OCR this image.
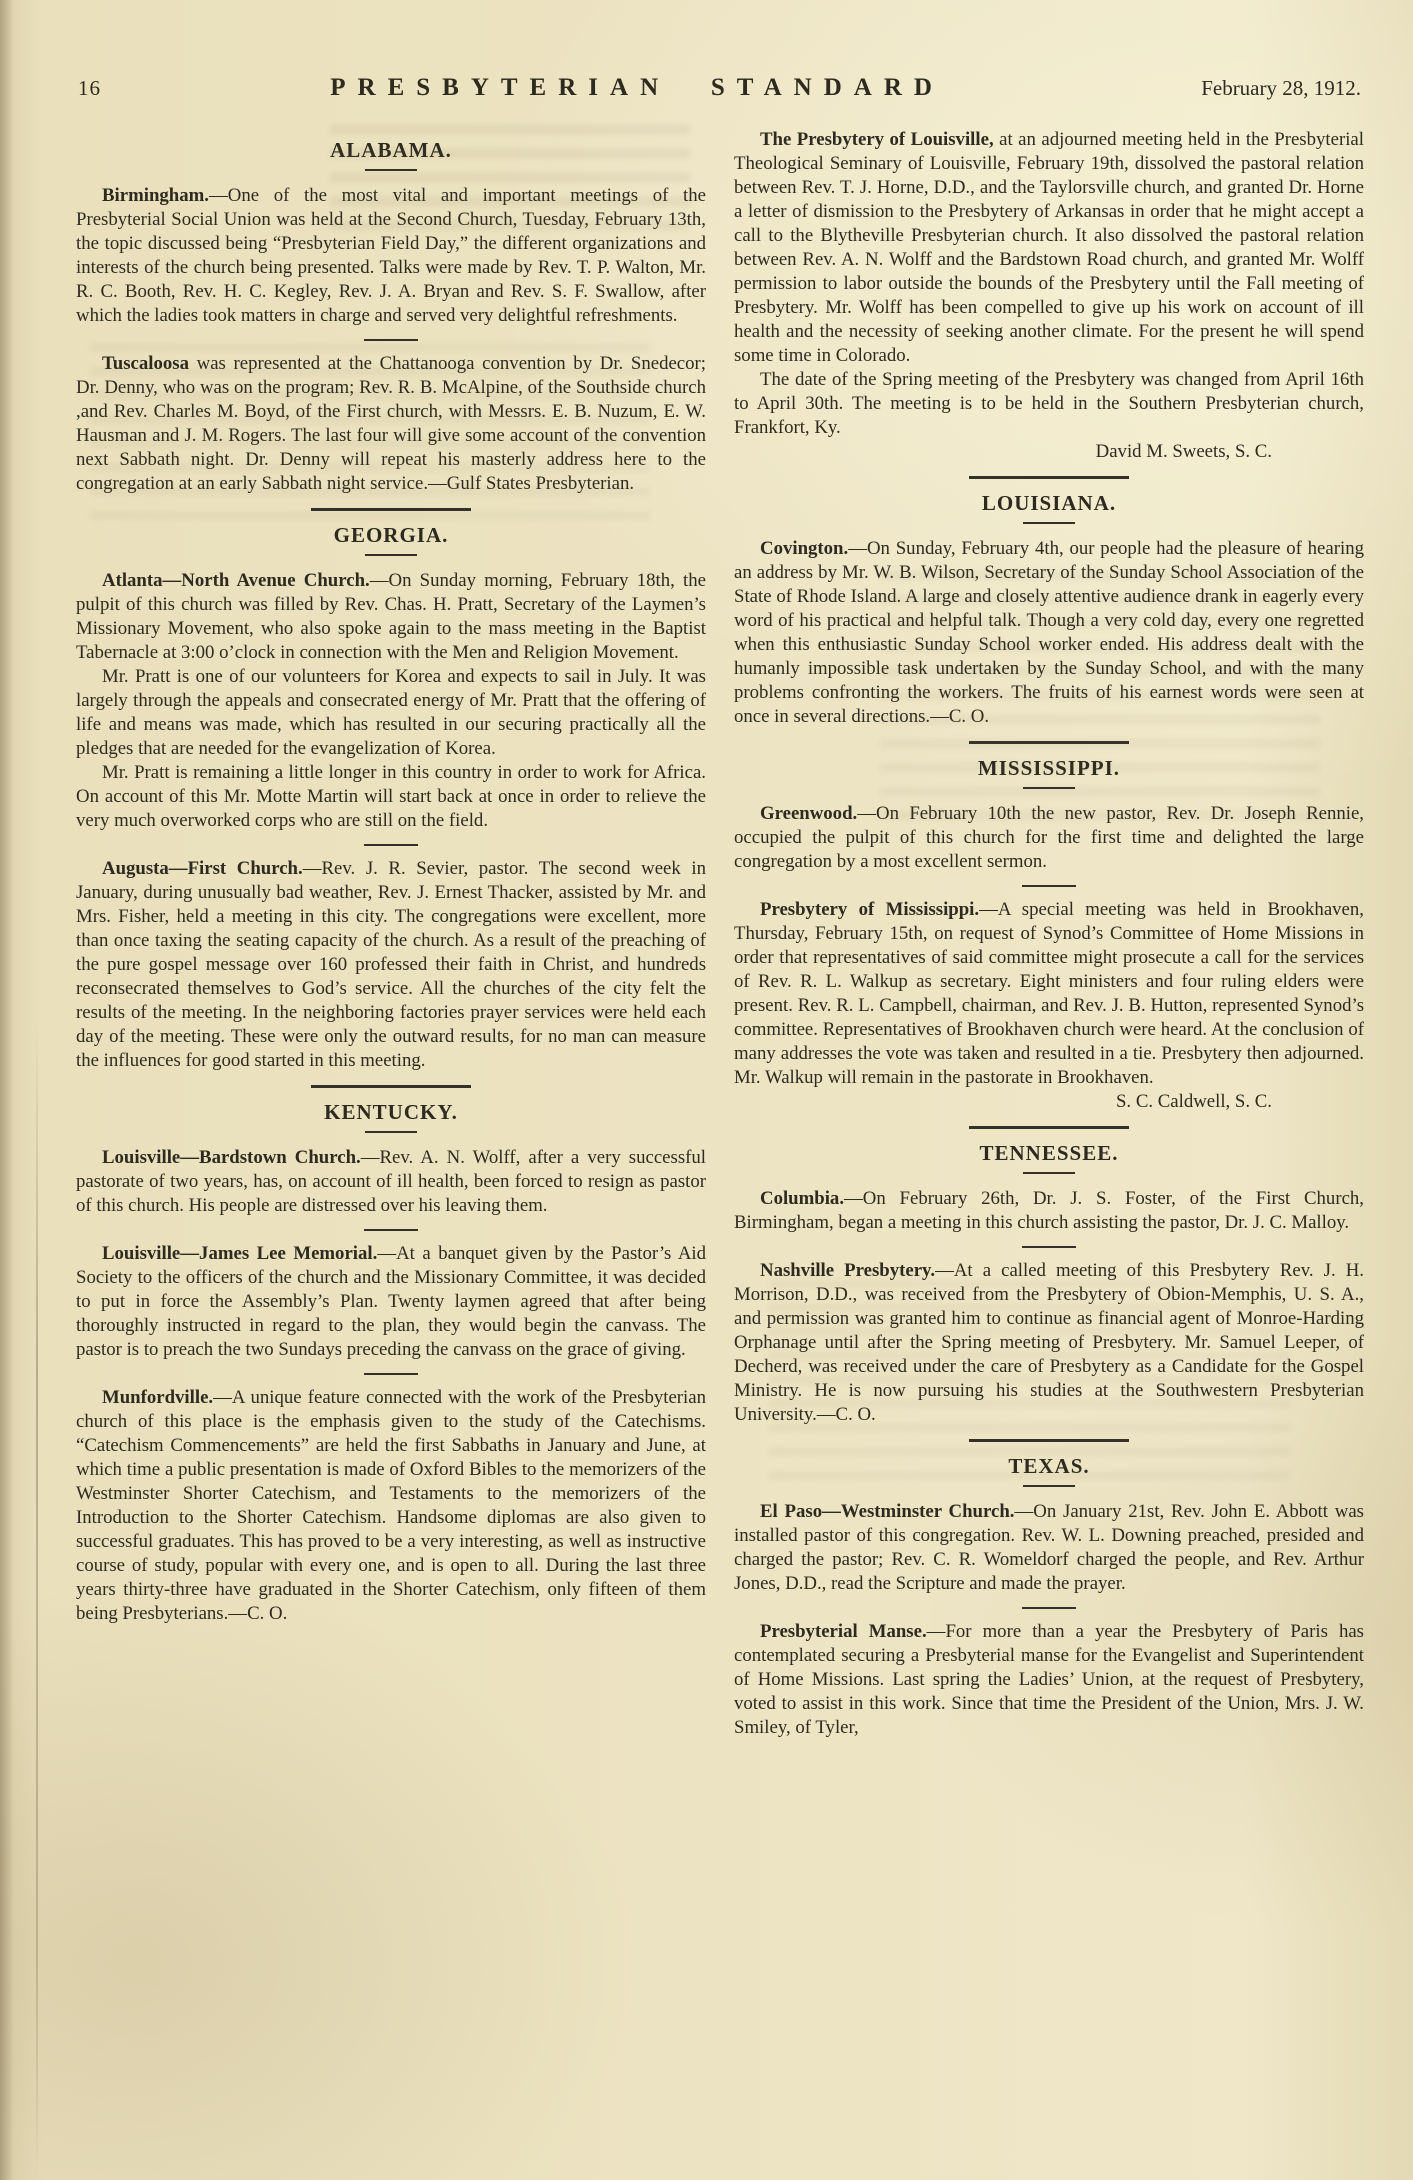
16	PRESBYTERIAN STANDARD	February 28, 1912.
ALABAMA.

Birmingham.—One of the most vital and important meetings of the Presbyterial Social Union was held at the Second Church, Tuesday, February 13th, the topic discussed being “Presbyterian Field Day,” the different organizations and interests of the church being presented. Talks were made by Rev. T. P. Walton, Mr. R. C. Booth, Rev. H. C. Kegley, Rev. J. A. Bryan and Rev. S. F. Swallow, after which the ladies took matters in charge and served very delightful refreshments.

Tuscaloosa was represented at the Chattanooga convention by Dr. Snedecor; Dr. Denny, who was on the program; Rev. R. B. McAlpine, of the Southside church ,and Rev. Charles M. Boyd, of the First church, with Messrs. E. B. Nuzum, E. W. Hausman and J. M. Rogers. The last four will give some account of the convention next Sabbath night. Dr. Denny will repeat his masterly address here to the congregation at an early Sabbath night service.—Gulf States Presbyterian.

GEORGIA.

Atlanta—North Avenue Church.—On Sunday morning, February 18th, the pulpit of this church was filled by Rev. Chas. H. Pratt, Secretary of the Laymen’s Missionary Movement, who also spoke again to the mass meeting in the Baptist Tabernacle at 3:00 o’clock in connection with the Men and Religion Movement.

Mr. Pratt is one of our volunteers for Korea and expects to sail in July. It was largely through the appeals and consecrated energy of Mr. Pratt that the offering of life and means was made, which has resulted in our securing practically all the pledges that are needed for the evangelization of Korea.

Mr. Pratt is remaining a little longer in this country in order to work for Africa. On account of this Mr. Motte Martin will start back at once in order to relieve the very much overworked corps who are still on the field.

Augusta—First Church.—Rev. J. R. Sevier, pastor. The second week in January, during unusually bad weather, Rev. J. Ernest Thacker, assisted by Mr. and Mrs. Fisher, held a meeting in this city. The congregations were excellent, more than once taxing the seating capacity of the church. As a result of the preaching of the pure gospel message over 160 professed their faith in Christ, and hundreds reconsecrated themselves to God’s service. All the churches of the city felt the results of the meeting. In the neighboring factories prayer services were held each day of the meeting. These were only the outward results, for no man can measure the influences for good started in this meeting.

KENTUCKY.

Louisville—Bardstown Church.—Rev. A. N. Wolff, after a very successful pastorate of two years, has, on account of ill health, been forced to resign as pastor of this church. His people are distressed over his leaving them.

Louisville—James Lee Memorial.—At a banquet given by the Pastor’s Aid Society to the officers of the church and the Missionary Committee, it was decided to put in force the Assembly’s Plan. Twenty laymen agreed that after being thoroughly instructed in regard to the plan, they would begin the canvass. The pastor is to preach the two Sundays preceding the canvass on the grace of giving.

Munfordville.—A unique feature connected with the work of the Presbyterian church of this place is the emphasis given to the study of the Catechisms. “Catechism Commencements” are held the first Sabbaths in January and June, at which time a public presentation is made of Oxford Bibles to the memorizers of the Westminster Shorter Catechism, and Testaments to the memorizers of the Introduction to the Shorter Catechism. Handsome diplomas are also given to successful graduates. This has proved to be a very interesting, as well as instructive course of study, popular with every one, and is open to all. During the last three years thirty-three have graduated in the Shorter Catechism, only fifteen of them being Presbyterians.—C. O.

The Presbytery of Louisville, at an adjourned meeting held in the Presbyterial Theological Seminary of Louisville, February 19th, dissolved the pastoral relation between Rev. T. J. Horne, D.D., and the Taylorsville church, and granted Dr. Horne a letter of dismission to the Presbytery of Arkansas in order that he might accept a call to the Blytheville Presbyterian church. It also dissolved the pastoral relation between Rev. A. N. Wolff and the Bardstown Road church, and granted Mr. Wolff permission to labor outside the bounds of the Presbytery until the Fall meeting of Presbytery. Mr. Wolff has been compelled to give up his work on account of ill health and the necessity of seeking another climate. For the present he will spend some time in Colorado.

The date of the Spring meeting of the Presbytery was changed from April 16th to April 30th. The meeting is to be held in the Southern Presbyterian church, Frankfort, Ky.

David M. Sweets, S. C.

LOUISIANA.

Covington.—On Sunday, February 4th, our people had the pleasure of hearing an address by Mr. W. B. Wilson, Secretary of the Sunday School Association of the State of Rhode Island. A large and closely attentive audience drank in eagerly every word of his practical and helpful talk. Though a very cold day, every one regretted when this enthusiastic Sunday School worker ended. His address dealt with the humanly impossible task undertaken by the Sunday School, and with the many problems confronting the workers. The fruits of his earnest words were seen at once in several directions.—C. O.

MISSISSIPPI.

Greenwood.—On February 10th the new pastor, Rev. Dr. Joseph Rennie, occupied the pulpit of this church for the first time and delighted the large congregation by a most excellent sermon.

Presbytery of Mississippi.—A special meeting was held in Brookhaven, Thursday, February 15th, on request of Synod’s Committee of Home Missions in order that representatives of said committee might prosecute a call for the services of Rev. R. L. Walkup as secretary. Eight ministers and four ruling elders were present. Rev. R. L. Campbell, chairman, and Rev. J. B. Hutton, represented Synod’s committee. Representatives of Brookhaven church were heard. At the conclusion of many addresses the vote was taken and resulted in a tie. Presbytery then adjourned. Mr. Walkup will remain in the pastorate in Brookhaven.

S. C. Caldwell, S. C.

TENNESSEE.

Columbia.—On February 26th, Dr. J. S. Foster, of the First Church, Birmingham, began a meeting in this church assisting the pastor, Dr. J. C. Malloy.

Nashville Presbytery.—At a called meeting of this Presbytery Rev. J. H. Morrison, D.D., was received from the Presbytery of Obion-Memphis, U. S. A., and permission was granted him to continue as financial agent of Monroe-Harding Orphanage until after the Spring meeting of Presbytery. Mr. Samuel Leeper, of Decherd, was received under the care of Presbytery as a Candidate for the Gospel Ministry. He is now pursuing his studies at the Southwestern Presbyterian University.—C. O.

TEXAS.

El Paso—Westminster Church.—On January 21st, Rev. John E. Abbott was installed pastor of this congregation. Rev. W. L. Downing preached, presided and charged the pastor; Rev. C. R. Womeldorf charged the people, and Rev. Arthur Jones, D.D., read the Scripture and made the prayer.

Presbyterial Manse.—For more than a year the Presbytery of Paris has contemplated securing a Presbyterial manse for the Evangelist and Superintendent of Home Missions. Last spring the Ladies’ Union, at the request of Presbytery, voted to assist in this work. Since that time the President of the Union, Mrs. J. W. Smiley, of Tyler,
